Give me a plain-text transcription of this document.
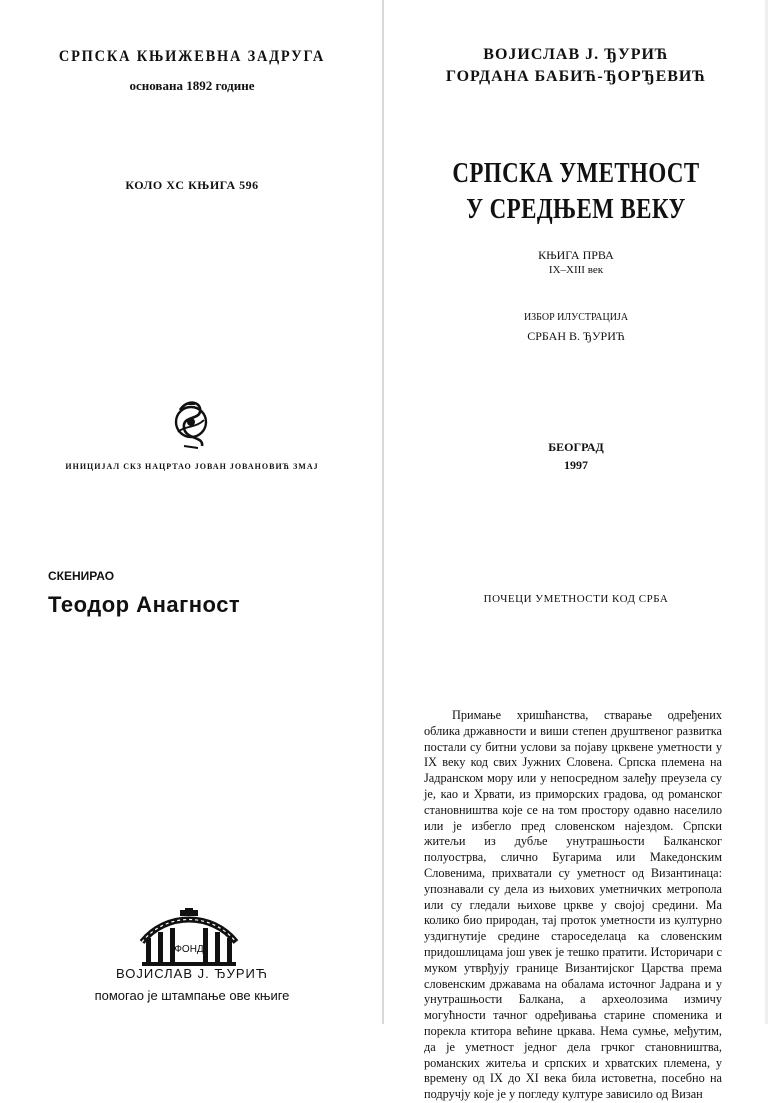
СРПСКА КЊИЖЕВНА ЗАДРУГА
основана 1892 године
КОЛО XC КЊИГА 596
ИНИЦИЈАЛ СКЗ НАЦРТАО ЈОВАН ЈОВАНОВИЋ ЗМАЈ
СКЕНИРАО
Теодор Анагност
ФОНД
ВОЈИСЛАВ Ј. ЂУРИЋ
помогао је штампање ове књиге
ВОЈИСЛАВ Ј. ЂУРИЋ
ГОРДАНА БАБИЋ-ЂОРЂЕВИЋ
СРПСКА УМЕТНОСТ
У СРЕДЊЕМ ВЕКУ
КЊИГА ПРВА
IX–XIII век
ИЗБОР ИЛУСТРАЦИЈА
СРБАН В. ЂУРИЋ
БЕОГРАД
1997
ПОЧЕЦИ УМЕТНОСТИ КОД СРБА

Примање хришћанства, стварање одређених облика државности и виши степен друштвеног развитка постали су битни услови за појаву црквене уметности у IX веку код свих Јужних Словена. Српска племена на Јадранском мору или у непосредном залеђу преузела су је, као и Хрвати, из приморских градова, од романског становништва које се на том простору одавно населило или је избегло пред словенском најездом. Српски житељи из дубље унутрашњости Балканског полуострва, слично Бугарима или Македонским Словенима, прихватали су уметност од Византинаца: упознавали су дела из њихових уметничких метропола или су гледали њихове цркве у својој средини. Ма колико био природан, тај проток уметности из културно уздигнутије средине староседелаца ка словенским придошлицама још увек је тешко пратити. Историчари с муком утврђују границе Византијског Царства према словенским државама на обалама источног Јадрана и у унутрашњости Балкана, а археолозима измичу могућности тачног одређивања старине споменика и порекла ктитора већине цркава. Нема сумње, међутим, да је уметност једног дела грчког становништва, романских житеља и српских и хрватских племена, у времену од IX до XI века била истоветна, посебно на подручју које је у погледу културе зависило од Визан
